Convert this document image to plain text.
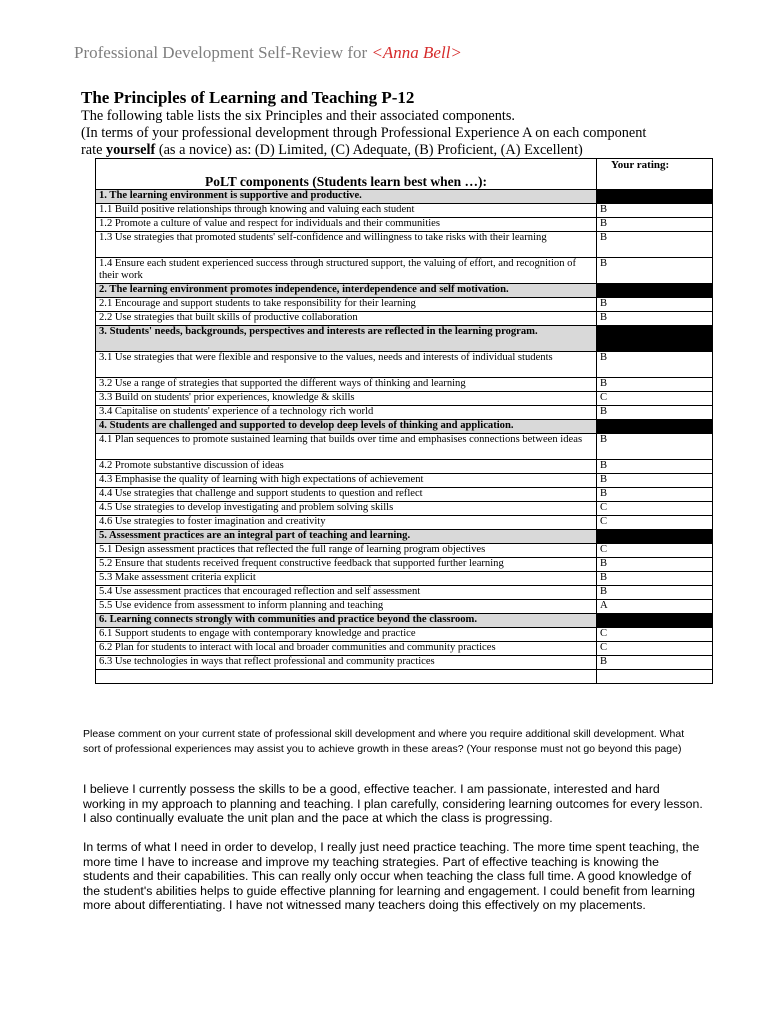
Professional Development Self-Review for <Anna Bell>
The Principles of Learning and Teaching P-12
The following table lists the six Principles and their associated components.
(In terms of your professional development through Professional Experience A on each component
rate yourself (as a novice) as: (D) Limited, (C) Adequate, (B) Proficient, (A) Excellent)
PoLT components (Students learn best when …):	Your rating:
1. The learning environment is supportive and productive.	
1.1 Build positive relationships through knowing and valuing each student	B
1.2 Promote a culture of value and respect for individuals and their communities	B
1.3 Use strategies that promoted students' self-confidence and willingness to take risks with their learning	B
1.4 Ensure each student experienced success through structured support, the valuing of effort, and recognition of their work	B
2. The learning environment promotes independence, interdependence and self motivation.	
2.1 Encourage and support students to take responsibility for their learning	B
2.2 Use strategies that built skills of productive collaboration	B
3. Students' needs, backgrounds, perspectives and interests are reflected in the learning program.	
3.1 Use strategies that were flexible and responsive to the values, needs and interests of individual students	B
3.2 Use a range of strategies that supported the different ways of thinking and learning	B
3.3 Build on students' prior experiences, knowledge & skills	C
3.4 Capitalise on students' experience of a technology rich world	B
4. Students are challenged and supported to develop deep levels of thinking and application.	
4.1 Plan sequences to promote sustained learning that builds over time and emphasises connections between ideas	B
4.2 Promote substantive discussion of ideas	B
4.3 Emphasise the quality of learning with high expectations of achievement	B
4.4 Use strategies that challenge and support students to question and reflect	B
4.5 Use strategies to develop investigating and problem solving skills	C
4.6 Use strategies to foster imagination and creativity	C
5. Assessment practices are an integral part of teaching and learning.	
5.1 Design assessment practices that reflected the full range of learning program objectives	C
5.2 Ensure that students received frequent constructive feedback that supported further learning	B
5.3 Make assessment criteria explicit	B
5.4 Use assessment practices that encouraged reflection and self assessment	B
5.5 Use evidence from assessment to inform planning and teaching	A
6. Learning connects strongly with communities and practice beyond the classroom.	
6.1 Support students to engage with contemporary knowledge and practice	C
6.2 Plan for students to interact with local and broader communities and community practices	C
6.3 Use technologies in ways that reflect professional and community practices	B

Please comment on your current state of professional skill development and where you require additional skill development. What sort of professional experiences may assist you to achieve growth in these areas? (Your response must not go beyond this page)
I believe I currently possess the skills to be a good, effective teacher. I am passionate, interested and hard working in my approach to planning and teaching. I plan carefully, considering learning outcomes for every lesson. I also continually evaluate the unit plan and the pace at which the class is progressing.
In terms of what I need in order to develop, I really just need practice teaching. The more time spent teaching, the more time I have to increase and improve my teaching strategies. Part of effective teaching is knowing the students and their capabilities. This can really only occur when teaching the class full time. A good knowledge of the student's abilities helps to guide effective planning for learning and engagement. I could benefit from learning more about differentiating. I have not witnessed many teachers doing this effectively on my placements.
